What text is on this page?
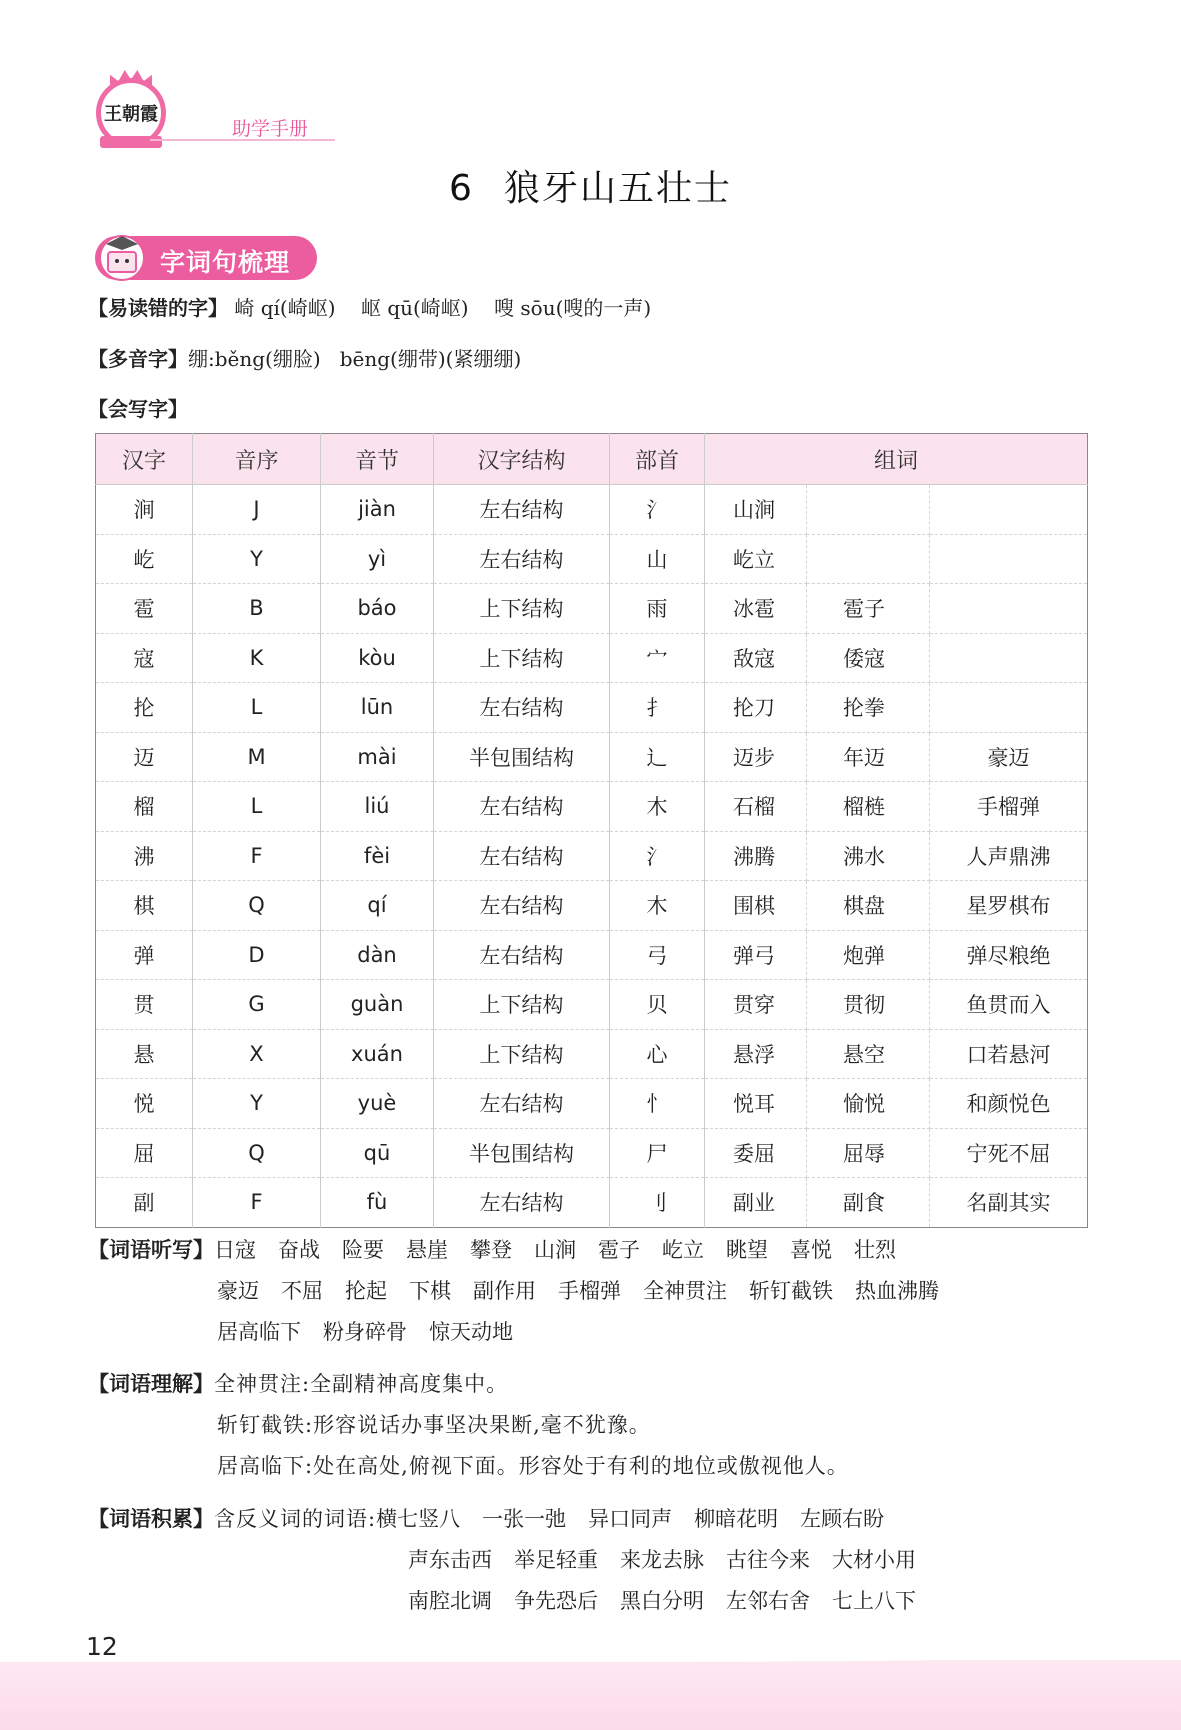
王朝霞
助学手册
6 狼牙山五壮士
字词句梳理
【易读错的字】 崎 qí(崎岖) 岖 qū(崎岖) 嗖 sōu(嗖的一声)
【多音字】绷:běng(绷脸)   bēng(绷带)(紧绷绷)
【会写字】
汉字	音序	音节	汉字结构	部首	组词		
涧	J	jiàn	左右结构	氵	山涧		
屹	Y	yì	左右结构	山	屹立		
雹	B	báo	上下结构	雨	冰雹	雹子	
寇	K	kòu	上下结构	宀	敌寇	倭寇	
抡	L	lūn	左右结构	扌	抡刀	抡拳	
迈	M	mài	半包围结构	辶	迈步	年迈	豪迈
榴	L	liú	左右结构	木	石榴	榴梿	手榴弹
沸	F	fèi	左右结构	氵	沸腾	沸水	人声鼎沸
棋	Q	qí	左右结构	木	围棋	棋盘	星罗棋布
弹	D	dàn	左右结构	弓	弹弓	炮弹	弹尽粮绝
贯	G	guàn	上下结构	贝	贯穿	贯彻	鱼贯而入
悬	X	xuán	上下结构	心	悬浮	悬空	口若悬河
悦	Y	yuè	左右结构	忄	悦耳	愉悦	和颜悦色
屈	Q	qū	半包围结构	尸	委屈	屈辱	宁死不屈
副	F	fù	左右结构	刂	副业	副食	名副其实
【词语听写】日寇 奋战 险要 悬崖 攀登 山涧 雹子 屹立 眺望 喜悦 壮烈
豪迈 不屈 抡起 下棋 副作用 手榴弹 全神贯注 斩钉截铁 热血沸腾
居高临下 粉身碎骨 惊天动地
【词语理解】全神贯注:全副精神高度集中。
斩钉截铁:形容说话办事坚决果断,毫不犹豫。
居高临下:处在高处,俯视下面。形容处于有利的地位或傲视他人。
【词语积累】含反义词的词语:横七竖八 一张一弛 异口同声 柳暗花明 左顾右盼
声东击西 举足轻重 来龙去脉 古往今来 大材小用
南腔北调 争先恐后 黑白分明 左邻右舍 七上八下
12
